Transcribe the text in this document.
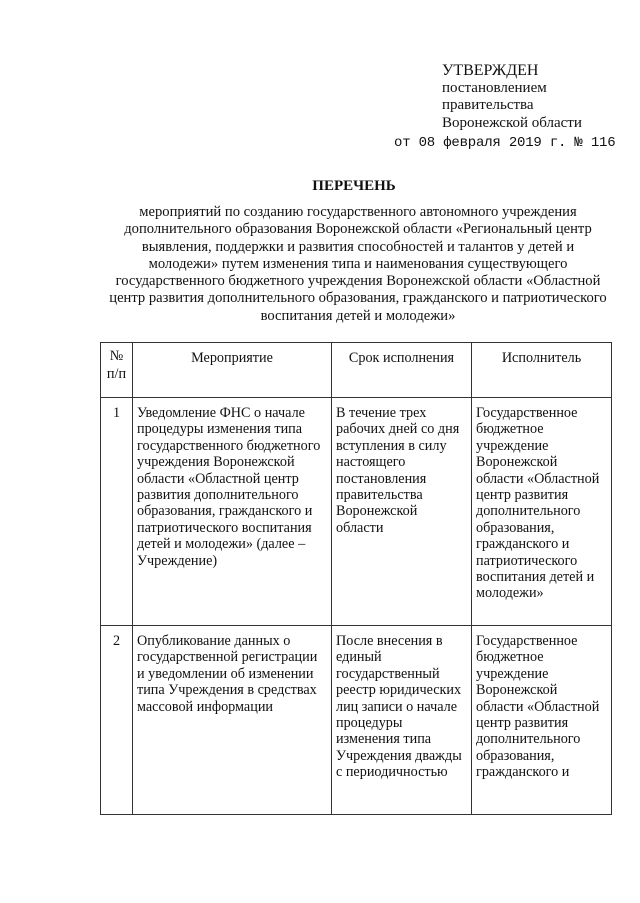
УТВЕРЖДЕН
постановлением
правительства
Воронежской области
от 08 февраля 2019 г. № 116
ПЕРЕЧЕНЬ
мероприятий по созданию государственного автономного учреждения дополнительного образования Воронежской области «Региональный центр выявления, поддержки и развития способностей и талантов у детей и молодежи» путем изменения типа и наименования существующего государственного бюджетного учреждения Воронежской области «Областной центр развития дополнительного образования, гражданского и патриотического воспитания детей и молодежи»
№
п/п	Мероприятие	Срок исполнения	Исполнитель
1	Уведомление ФНС о начале процедуры изменения типа государственного бюджетного учреждения Воронежской области «Областной центр развития дополнительного образования, гражданского и патриотического воспитания детей и молодежи» (далее – Учреждение)	В течение трех рабочих дней со дня вступления в силу настоящего постановления правительства Воронежской области	Государственное бюджетное учреждение Воронежской области «Областной центр развития дополнительного образования, гражданского и патриотического воспитания детей и молодежи»
2	Опубликование данных о государственной регистрации и уведомлении об изменении типа Учреждения в средствах массовой информации	После внесения в единый государственный реестр юридических лиц записи о начале процедуры изменения типа Учреждения дважды с периодичностью	Государственное бюджетное учреждение Воронежской области «Областной центр развития дополнительного образования, гражданского и
